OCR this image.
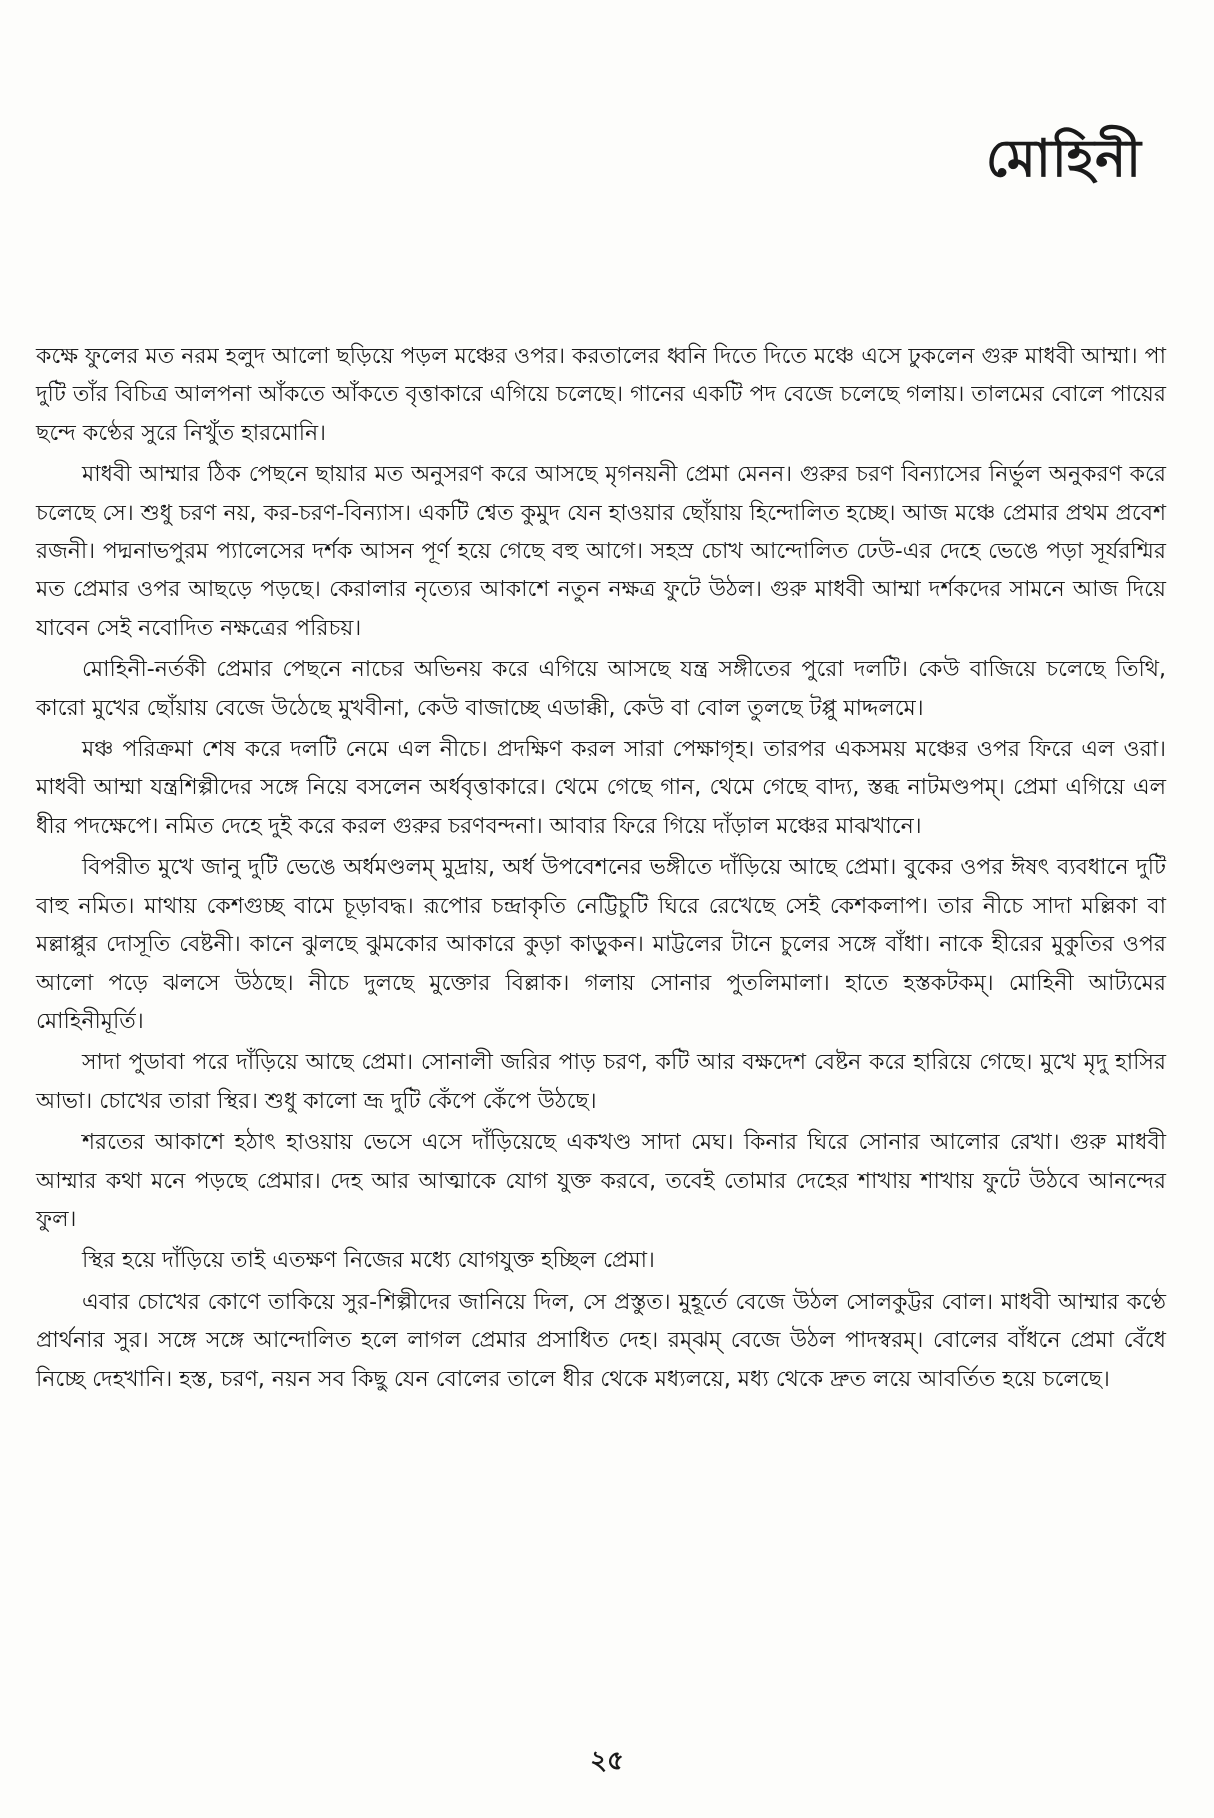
মোহিনী

কক্ষে ফুলের মত নরম হলুদ আলো ছড়িয়ে পড়ল মঞ্চের ওপর। করতালের ধ্বনি দিতে দিতে মঞ্চে এসে ঢুকলেন গুরু মাধবী আম্মা। পা দুটি তাঁর বিচিত্র আলপনা আঁকতে আঁকতে বৃত্তাকারে এগিয়ে চলেছে। গানের একটি পদ বেজে চলেছে গলায়। তালমের বোলে পায়ের ছন্দে কণ্ঠের সুরে নিখুঁত হারমোনি।

মাধবী আম্মার ঠিক পেছনে ছায়ার মত অনুসরণ করে আসছে মৃগনয়নী প্রেমা মেনন। গুরুর চরণ বিন্যাসের নির্ভুল অনুকরণ করে চলেছে সে। শুধু চরণ নয়, কর-চরণ-বিন্যাস। একটি শ্বেত কুমুদ যেন হাওয়ার ছোঁয়ায় হিন্দোলিত হচ্ছে। আজ মঞ্চে প্রেমার প্রথম প্রবেশ রজনী। পদ্মনাভপুরম প্যালেসের দর্শক আসন পূর্ণ হয়ে গেছে বহু আগে। সহস্র চোখ আন্দোলিত ঢেউ-এর দেহে ভেঙে পড়া সূর্যরশ্মির মত প্রেমার ওপর আছড়ে পড়ছে। কেরালার নৃত্যের আকাশে নতুন নক্ষত্র ফুটে উঠল। গুরু মাধবী আম্মা দর্শকদের সামনে আজ দিয়ে যাবেন সেই নবোদিত নক্ষত্রের পরিচয়।

মোহিনী-নর্তকী প্রেমার পেছনে নাচের অভিনয় করে এগিয়ে আসছে যন্ত্র সঙ্গীতের পুরো দলটি। কেউ বাজিয়ে চলেছে তিথি, কারো মুখের ছোঁয়ায় বেজে উঠেছে মুখবীনা, কেউ বাজাচ্ছে এডাক্কী, কেউ বা বোল তুলছে টপ্পু মাদ্দলমে।

মঞ্চ পরিক্রমা শেষ করে দলটি নেমে এল নীচে। প্রদক্ষিণ করল সারা পেক্ষাগৃহ। তারপর একসময় মঞ্চের ওপর ফিরে এল ওরা। মাধবী আম্মা যন্ত্রশিল্পীদের সঙ্গে নিয়ে বসলেন অর্ধবৃত্তাকারে। থেমে গেছে গান, থেমে গেছে বাদ্য, স্তব্ধ নাটমণ্ডপম্। প্রেমা এগিয়ে এল ধীর পদক্ষেপে। নমিত দেহে দুই করে করল গুরুর চরণবন্দনা। আবার ফিরে গিয়ে দাঁড়াল মঞ্চের মাঝখানে।

বিপরীত মুখে জানু দুটি ভেঙে অর্ধমণ্ডলম্ মুদ্রায়, অর্ধ উপবেশনের ভঙ্গীতে দাঁড়িয়ে আছে প্রেমা। বুকের ওপর ঈষৎ ব্যবধানে দুটি বাহু নমিত। মাথায় কেশগুচ্ছ বামে চূড়াবদ্ধ। রূপোর চন্দ্রাকৃতি নেট্টিচুটি ঘিরে রেখেছে সেই কেশকলাপ। তার নীচে সাদা মল্লিকা বা মল্লাপ্পুর দোসূতি বেষ্টনী। কানে ঝুলছে ঝুমকোর আকারে কুড়া কাড়ুকন। মাট্টলের টানে চুলের সঙ্গে বাঁধা। নাকে হীরের মুকুতির ওপর আলো পড়ে ঝলসে উঠছে। নীচে দুলছে মুক্তোর বিল্লাক। গলায় সোনার পুতলিমালা। হাতে হস্তকটকম্। মোহিনী আট্যমের মোহিনীমূর্তি।

সাদা পুডাবা পরে দাঁড়িয়ে আছে প্রেমা। সোনালী জরির পাড় চরণ, কটি আর বক্ষদেশ বেষ্টন করে হারিয়ে গেছে। মুখে মৃদু হাসির আভা। চোখের তারা স্থির। শুধু কালো ভ্রূ দুটি কেঁপে কেঁপে উঠছে।

শরতের আকাশে হঠাৎ হাওয়ায় ভেসে এসে দাঁড়িয়েছে একখণ্ড সাদা মেঘ। কিনার ঘিরে সোনার আলোর রেখা। গুরু মাধবী আম্মার কথা মনে পড়ছে প্রেমার। দেহ আর আত্মাকে যোগ যুক্ত করবে, তবেই তোমার দেহের শাখায় শাখায় ফুটে উঠবে আনন্দের ফুল।

স্থির হয়ে দাঁড়িয়ে তাই এতক্ষণ নিজের মধ্যে যোগযুক্ত হচ্ছিল প্রেমা।

এবার চোখের কোণে তাকিয়ে সুর-শিল্পীদের জানিয়ে দিল, সে প্রস্তুত। মুহূর্তে বেজে উঠল সোলকুট্টর বোল। মাধবী আম্মার কণ্ঠে প্রার্থনার সুর। সঙ্গে সঙ্গে আন্দোলিত হলে লাগল প্রেমার প্রসাধিত দেহ। রম্ঝম্ বেজে উঠল পাদস্বরম্। বোলের বাঁধনে প্রেমা বেঁধে নিচ্ছে দেহখানি। হস্ত, চরণ, নয়ন সব কিছু যেন বোলের তালে ধীর থেকে মধ্যলয়ে, মধ্য থেকে দ্রুত লয়ে আবর্তিত হয়ে চলেছে।

২৫
